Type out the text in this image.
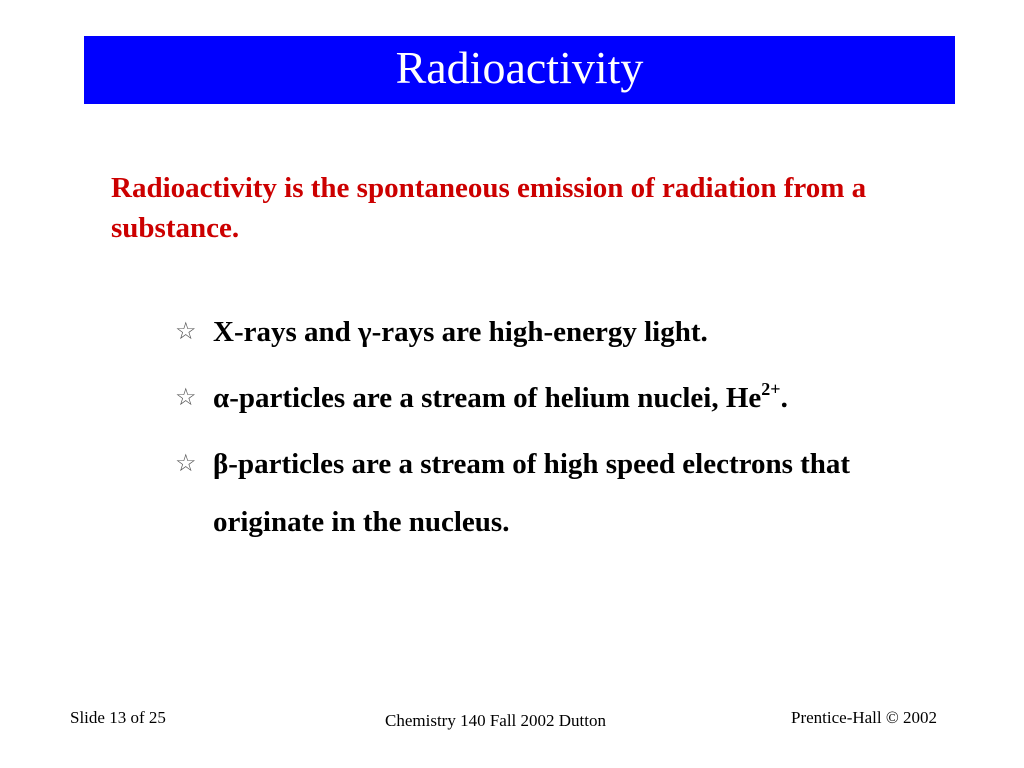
Radioactivity
Radioactivity is the spontaneous emission of radiation from a substance.
☆ X-rays and γ-rays are high-energy light.
☆ α-particles are a stream of helium nuclei, $He^{2+}$.
☆ β-particles are a stream of high speed electrons that originate in the nucleus.
Slide 13 of 25	Chemistry 140 Fall 2002 Dutton	Prentice-Hall © 2002
